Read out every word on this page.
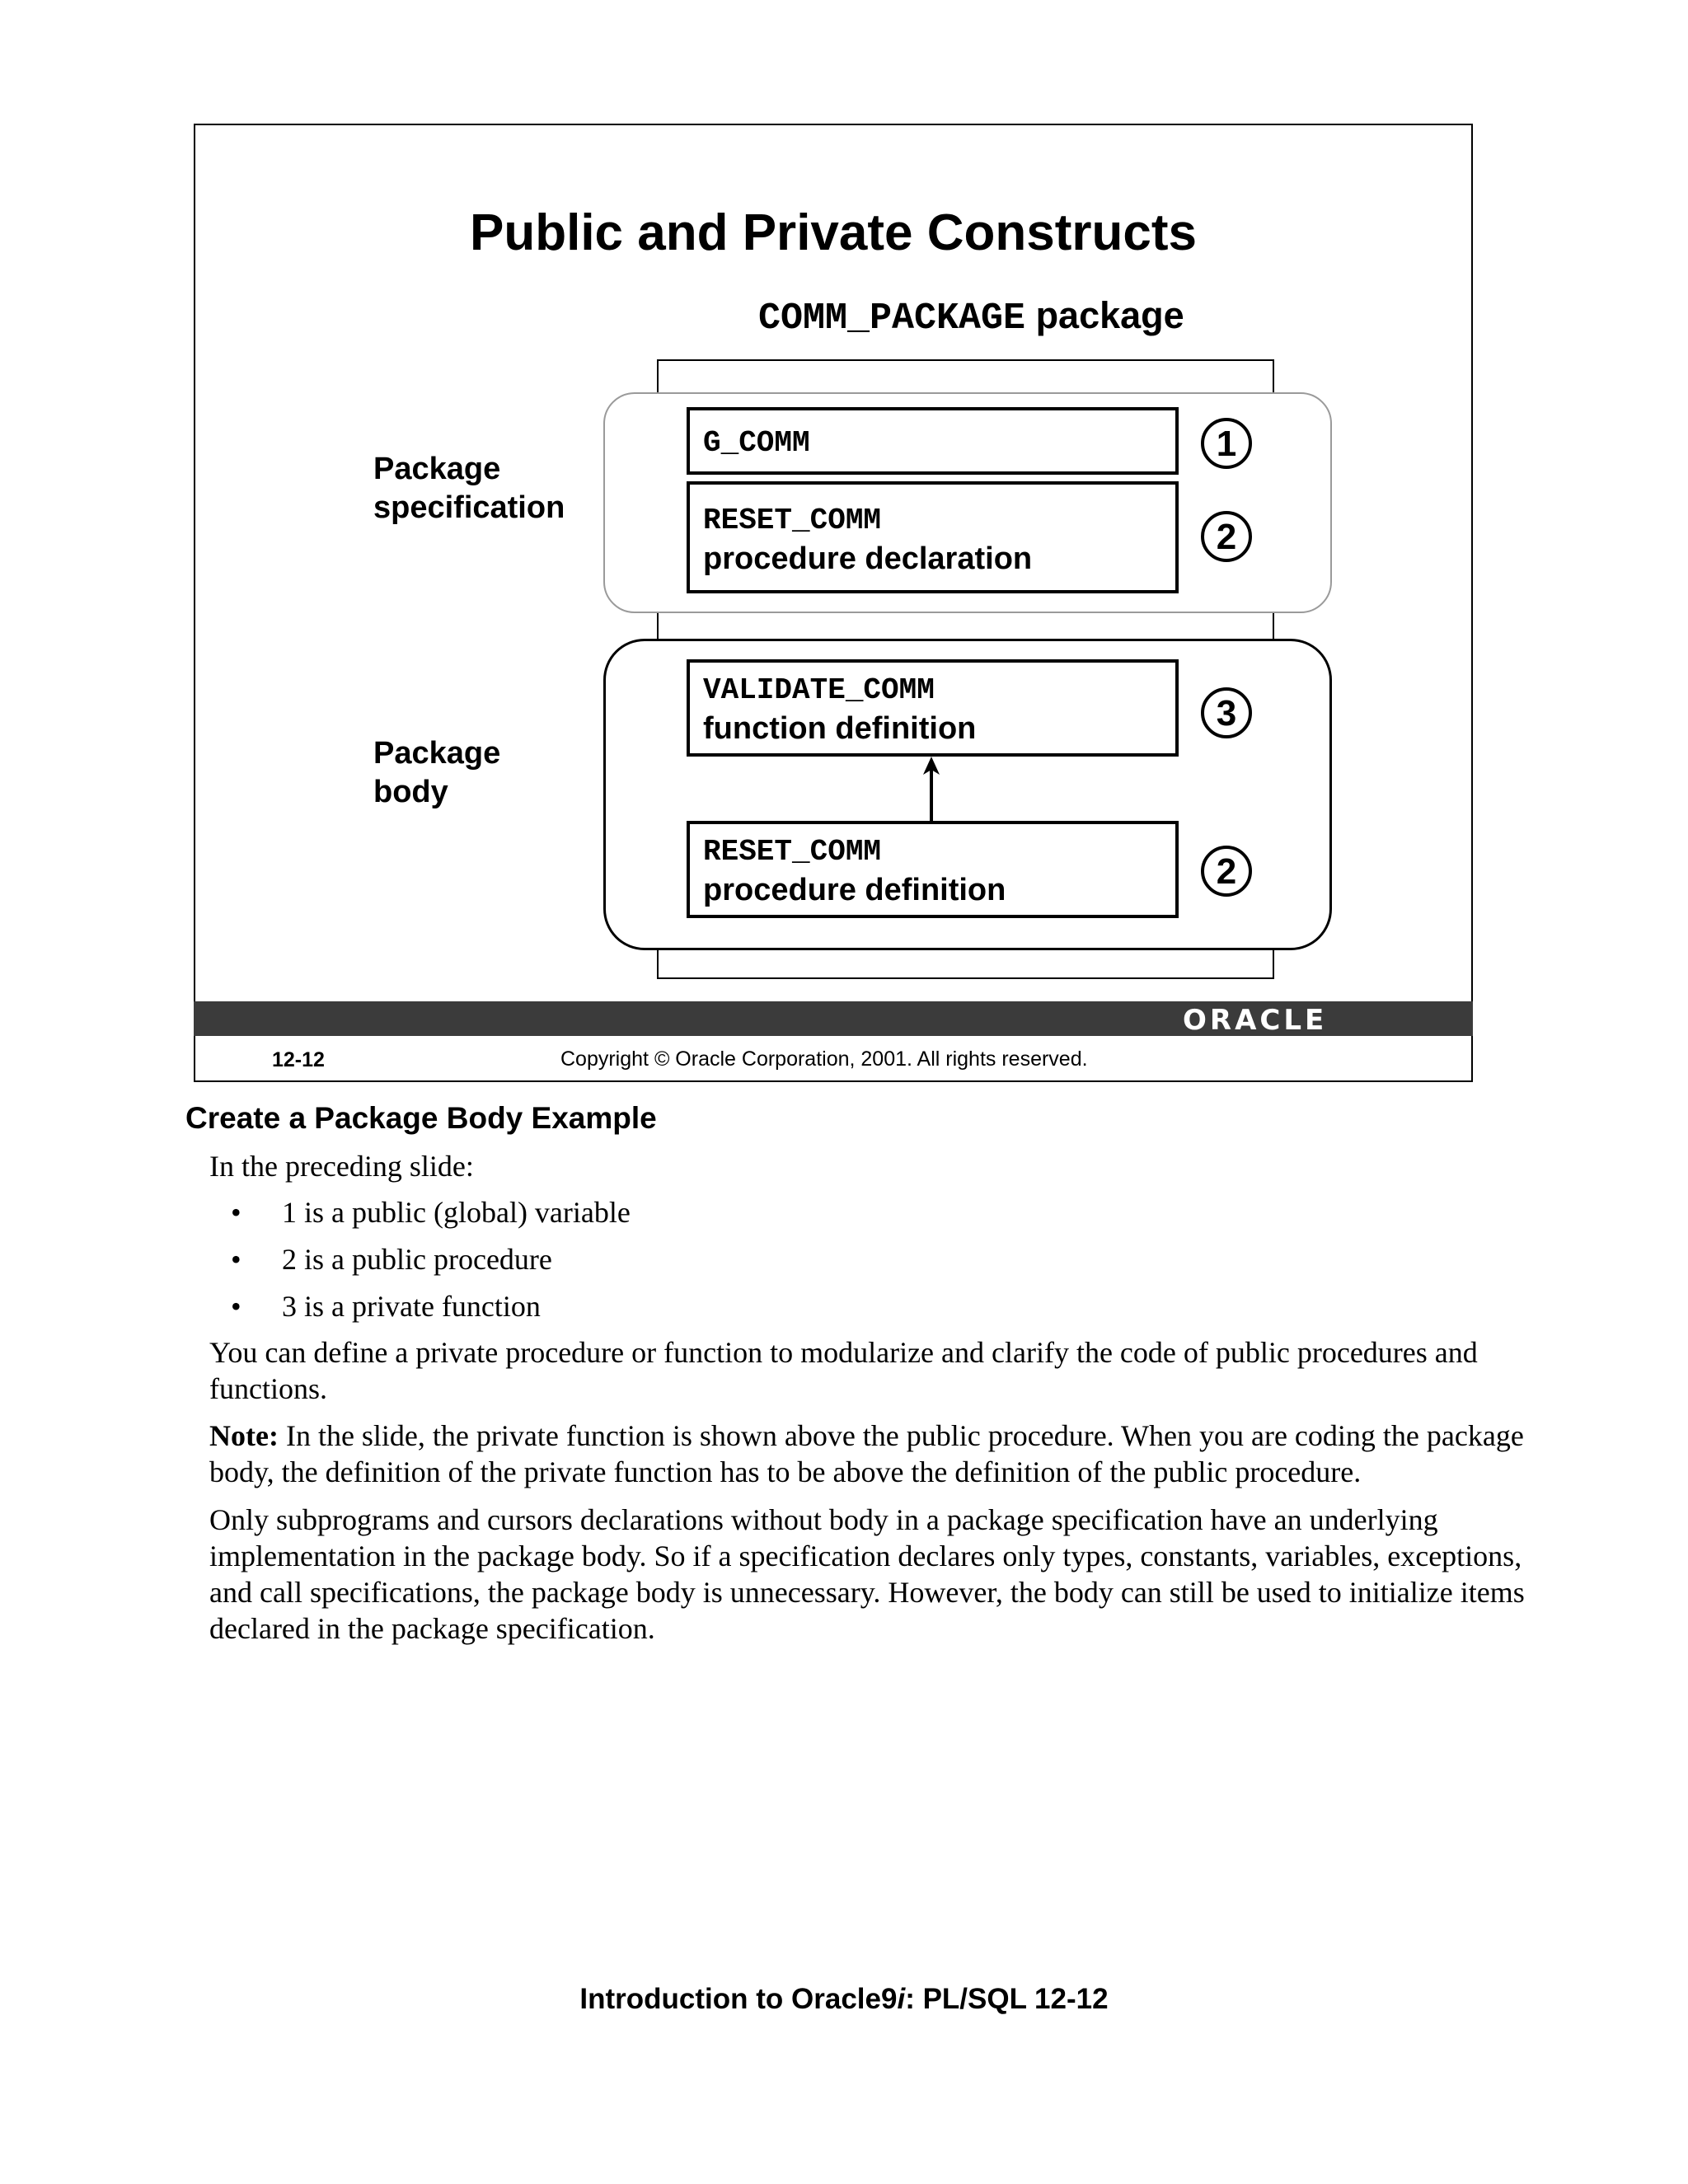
Public and Private Constructs
COMM_PACKAGE package
Package
specification
Package
body
G_COMM
RESET_COMM
procedure declaration
VALIDATE_COMM
function definition
RESET_COMM
procedure definition
1
2
3
2
ORACLE
12-12	Copyright © Oracle Corporation, 2001. All rights reserved.
Create a Package Body Example
In the preceding slide:
• 1 is a public (global) variable
• 2 is a public procedure
• 3 is a private function
You can define a private procedure or function to modularize and clarify the code of public procedures and functions.
Note: In the slide, the private function is shown above the public procedure. When you are coding the package body, the definition of the private function has to be above the definition of the public procedure.
Only subprograms and cursors declarations without body in a package specification have an underlying implementation in the package body. So if a specification declares only types, constants, variables, exceptions, and call specifications, the package body is unnecessary. However, the body can still be used to initialize items declared in the package specification.
Introduction to Oracle9i: PL/SQL 12-12
